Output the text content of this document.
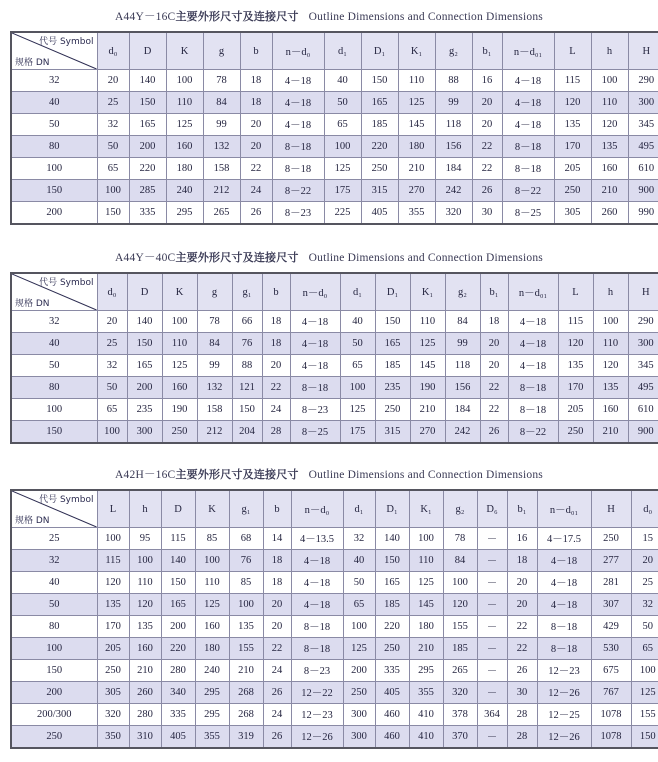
A44Y－16C主要外形尺寸及连接尺寸 Outline Dimensions and Connection Dimensions
代号 Symbol
规格 DN	d₀	D	K	g	b	n－d₀	d₁	D₁	K₁	g₂	b₁	n－d₀₁	L	h	H
32	20	140	100	78	18	4－18	40	150	110	88	16	4－18	115	100	290
40	25	150	110	84	18	4－18	50	165	125	99	20	4－18	120	110	300
50	32	165	125	99	20	4－18	65	185	145	118	20	4－18	135	120	345
80	50	200	160	132	20	8－18	100	220	180	156	22	8－18	170	135	495
100	65	220	180	158	22	8－18	125	250	210	184	22	8－18	205	160	610
150	100	285	240	212	24	8－22	175	315	270	242	26	8－22	250	210	900
200	150	335	295	265	26	8－23	225	405	355	320	30	8－25	305	260	990
A44Y－40C主要外形尺寸及连接尺寸 Outline Dimensions and Connection Dimensions
代号 Symbol
规格 DN	d₀	D	K	g	g₁	b	n－d₀	d₁	D₁	K₁	g₂	b₁	n－d₀₁	L	h	H
32	20	140	100	78	66	18	4－18	40	150	110	84	18	4－18	115	100	290
40	25	150	110	84	76	18	4－18	50	165	125	99	20	4－18	120	110	300
50	32	165	125	99	88	20	4－18	65	185	145	118	20	4－18	135	120	345
80	50	200	160	132	121	22	8－18	100	235	190	156	22	8－18	170	135	495
100	65	235	190	158	150	24	8－23	125	250	210	184	22	8－18	205	160	610
150	100	300	250	212	204	28	8－25	175	315	270	242	26	8－22	250	210	900
A42H－16C主要外形尺寸及连接尺寸 Outline Dimensions and Connection Dimensions
代号 Symbol
规格 DN	L	h	D	K	g₁	b	n－d₀	d₁	D₁	K₁	g₂	D₆	b₁	n－d₀₁	H	d₀
25	100	95	115	85	68	14	4－13.5	32	140	100	78	－	16	4－17.5	250	15
32	115	100	140	100	76	18	4－18	40	150	110	84	－	18	4－18	277	20
40	120	110	150	110	85	18	4－18	50	165	125	100	－	20	4－18	281	25
50	135	120	165	125	100	20	4－18	65	185	145	120	－	20	4－18	307	32
80	170	135	200	160	135	20	8－18	100	220	180	155	－	22	8－18	429	50
100	205	160	220	180	155	22	8－18	125	250	210	185	－	22	8－18	530	65
150	250	210	280	240	210	24	8－23	200	335	295	265	－	26	12－23	675	100
200	305	260	340	295	268	26	12－22	250	405	355	320	－	30	12－26	767	125
200/300	320	280	335	295	268	24	12－23	300	460	410	378	364	28	12－25	1078	155
250	350	310	405	355	319	26	12－26	300	460	410	370	－	28	12－26	1078	150
